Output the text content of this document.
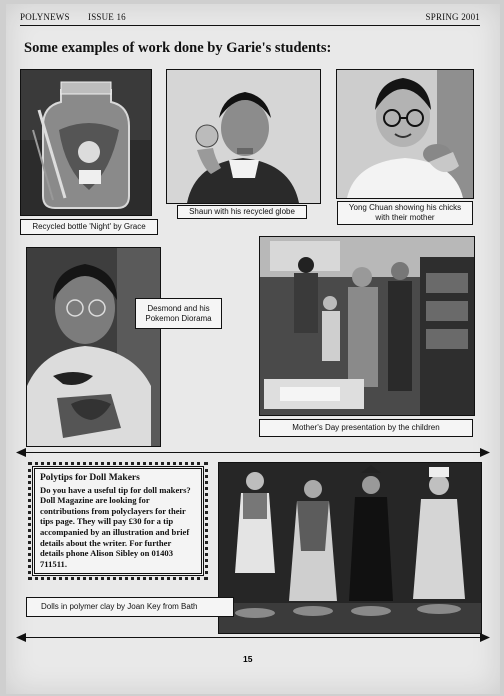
POLYNEWS ISSUE 16	SPRING 2001
Some examples of work done by Garie's students:
Recycled bottle 'Night' by Grace
Shaun with his recycled globe	Yong Chuan showing his chicks with their mother
Desmond and his Pokemon Diorama
Mother's Day presentation by the children
Polytips for Doll Makers
Do you have a useful tip for doll makers? Doll Magazine are looking for contributions from polyclayers for their tips page. They will pay £30 for a tip accompanied by an illustration and brief details about the writer. For further details phone Alison Sibley on 01403 711511.
Dolls in polymer clay by Joan Key from Bath
15
